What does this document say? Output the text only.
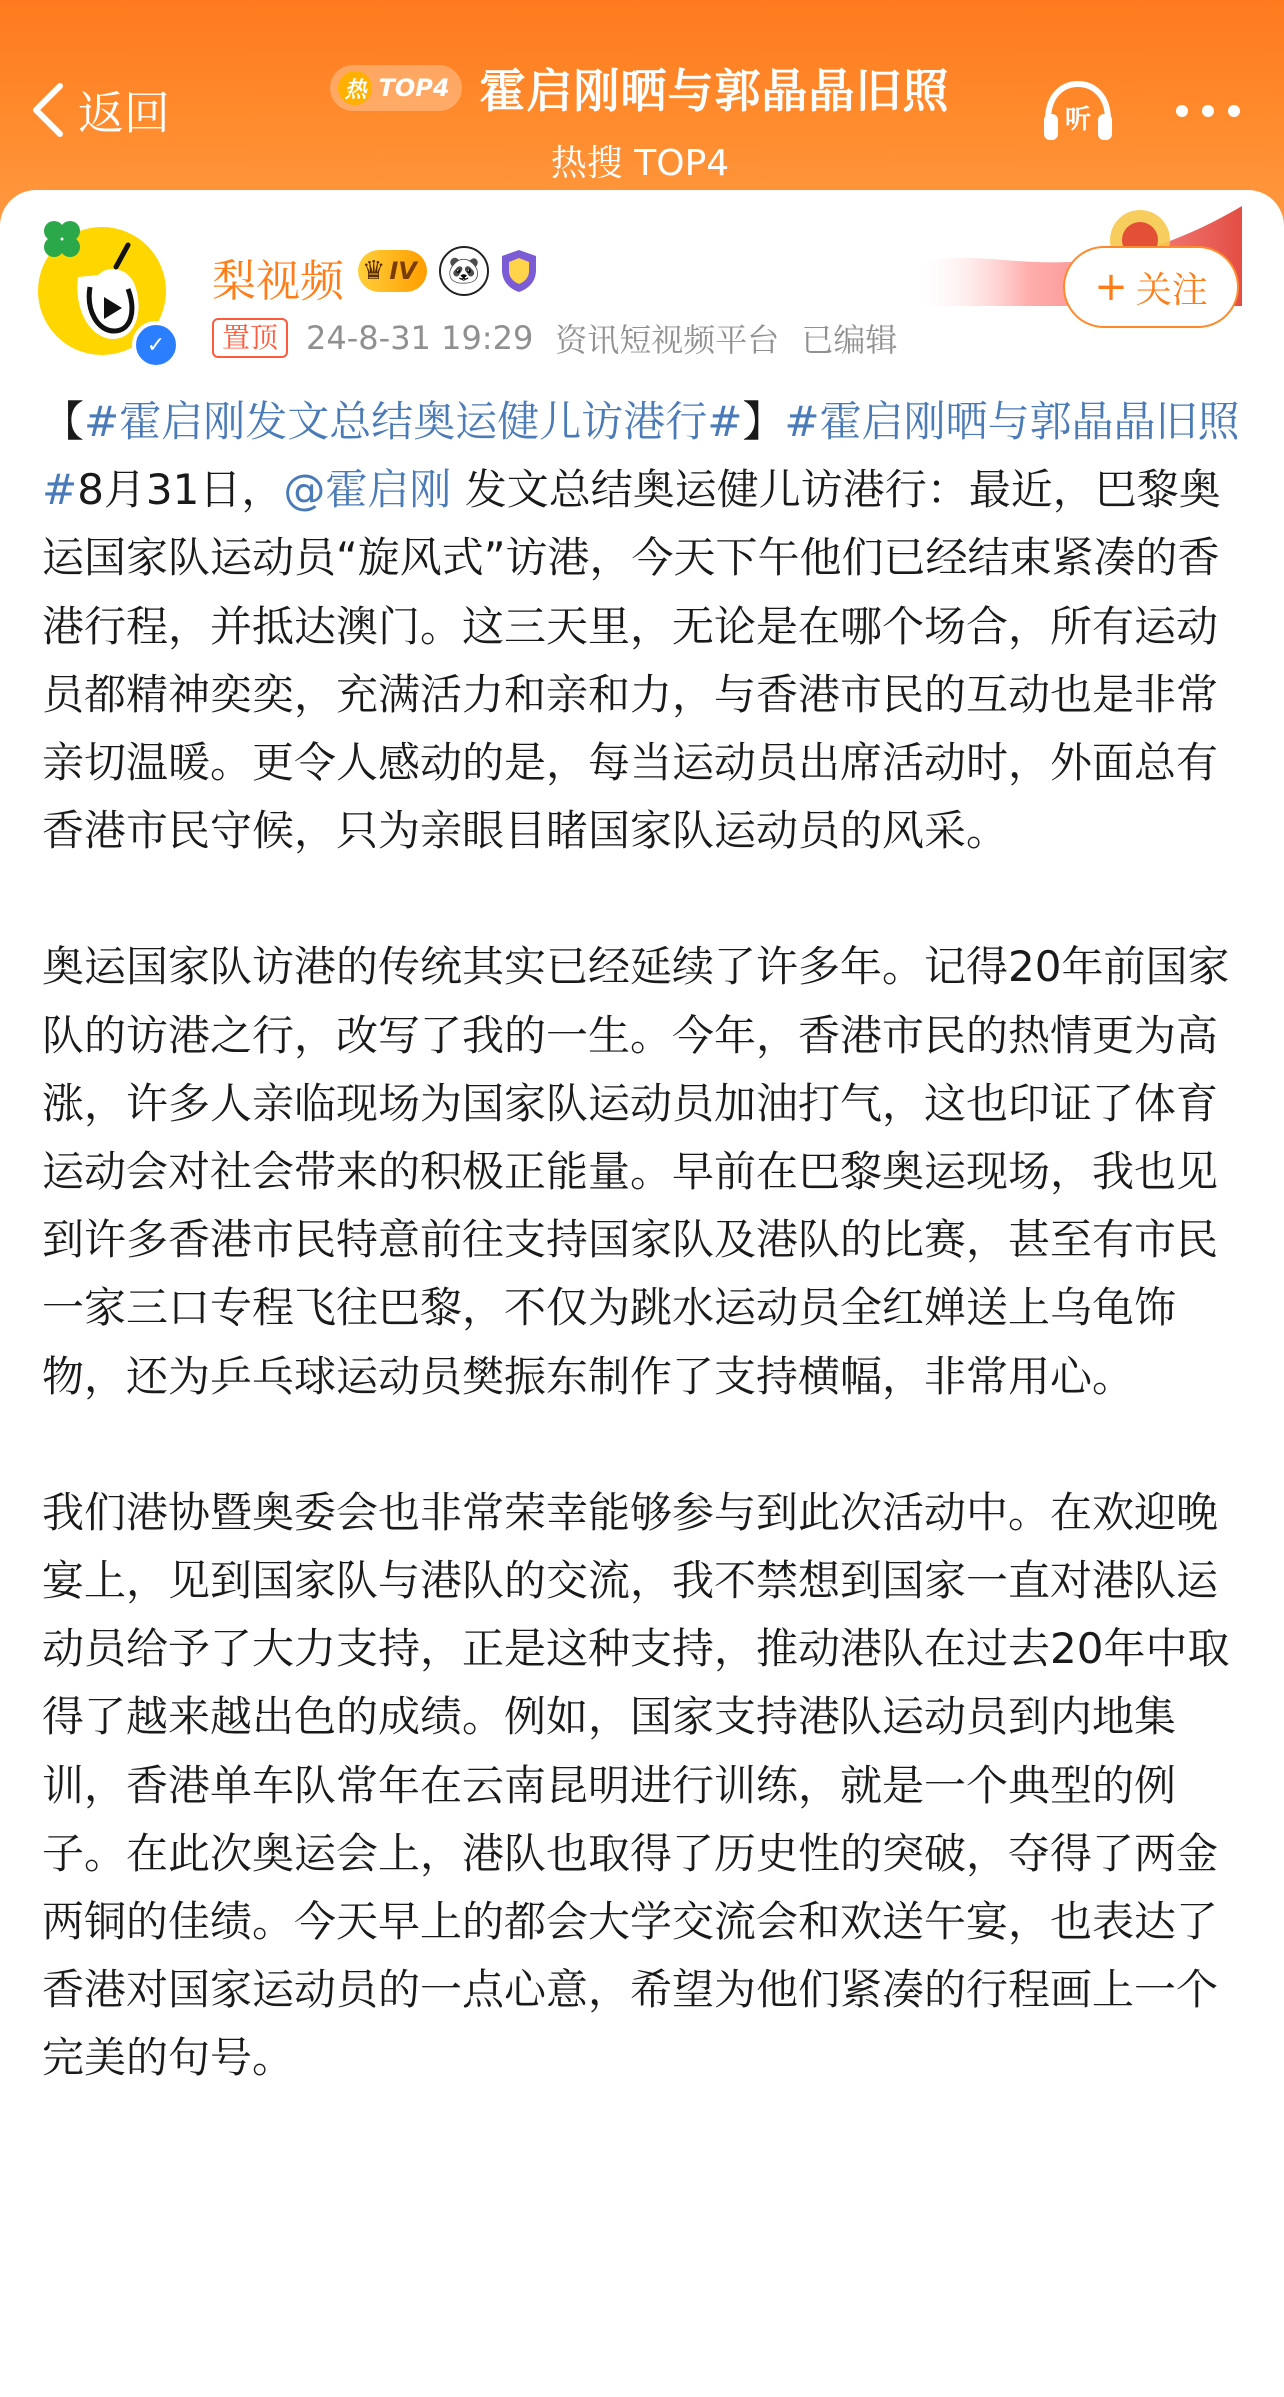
返回	热 TOP4 霍启刚晒与郭晶晶旧照
热搜 TOP4
听
✓
梨视频 ♛ IV	🐼
置顶 24-8-31 19:29 资讯短视频平台 已编辑
+ 关注

【#霍启刚发文总结奥运健儿访港行#】#霍启刚晒与郭晶晶旧照#8月31日，@霍启刚 发文总结奥运健儿访港行：最近，巴黎奥运国家队运动员“旋风式”访港，今天下午他们已经结束紧凑的香港行程，并抵达澳门。这三天里，无论是在哪个场合，所有运动员都精神奕奕，充满活力和亲和力，与香港市民的互动也是非常亲切温暖。更令人感动的是，每当运动员出席活动时，外面总有香港市民守候，只为亲眼目睹国家队运动员的风采。

奥运国家队访港的传统其实已经延续了许多年。记得20年前国家队的访港之行，改写了我的一生。今年，香港市民的热情更为高涨，许多人亲临现场为国家队运动员加油打气，这也印证了体育运动会对社会带来的积极正能量。早前在巴黎奥运现场，我也见到许多香港市民特意前往支持国家队及港队的比赛，甚至有市民一家三口专程飞往巴黎，不仅为跳水运动员全红婵送上乌龟饰物，还为乒乓球运动员樊振东制作了支持横幅，非常用心。

我们港协暨奥委会也非常荣幸能够参与到此次活动中。在欢迎晚宴上，见到国家队与港队的交流，我不禁想到国家一直对港队运动员给予了大力支持，正是这种支持，推动港队在过去20年中取得了越来越出色的成绩。例如，国家支持港队运动员到内地集训，香港单车队常年在云南昆明进行训练，就是一个典型的例子。在此次奥运会上，港队也取得了历史性的突破，夺得了两金两铜的佳绩。今天早上的都会大学交流会和欢送午宴，也表达了香港对国家运动员的一点心意，希望为他们紧凑的行程画上一个完美的句号。
